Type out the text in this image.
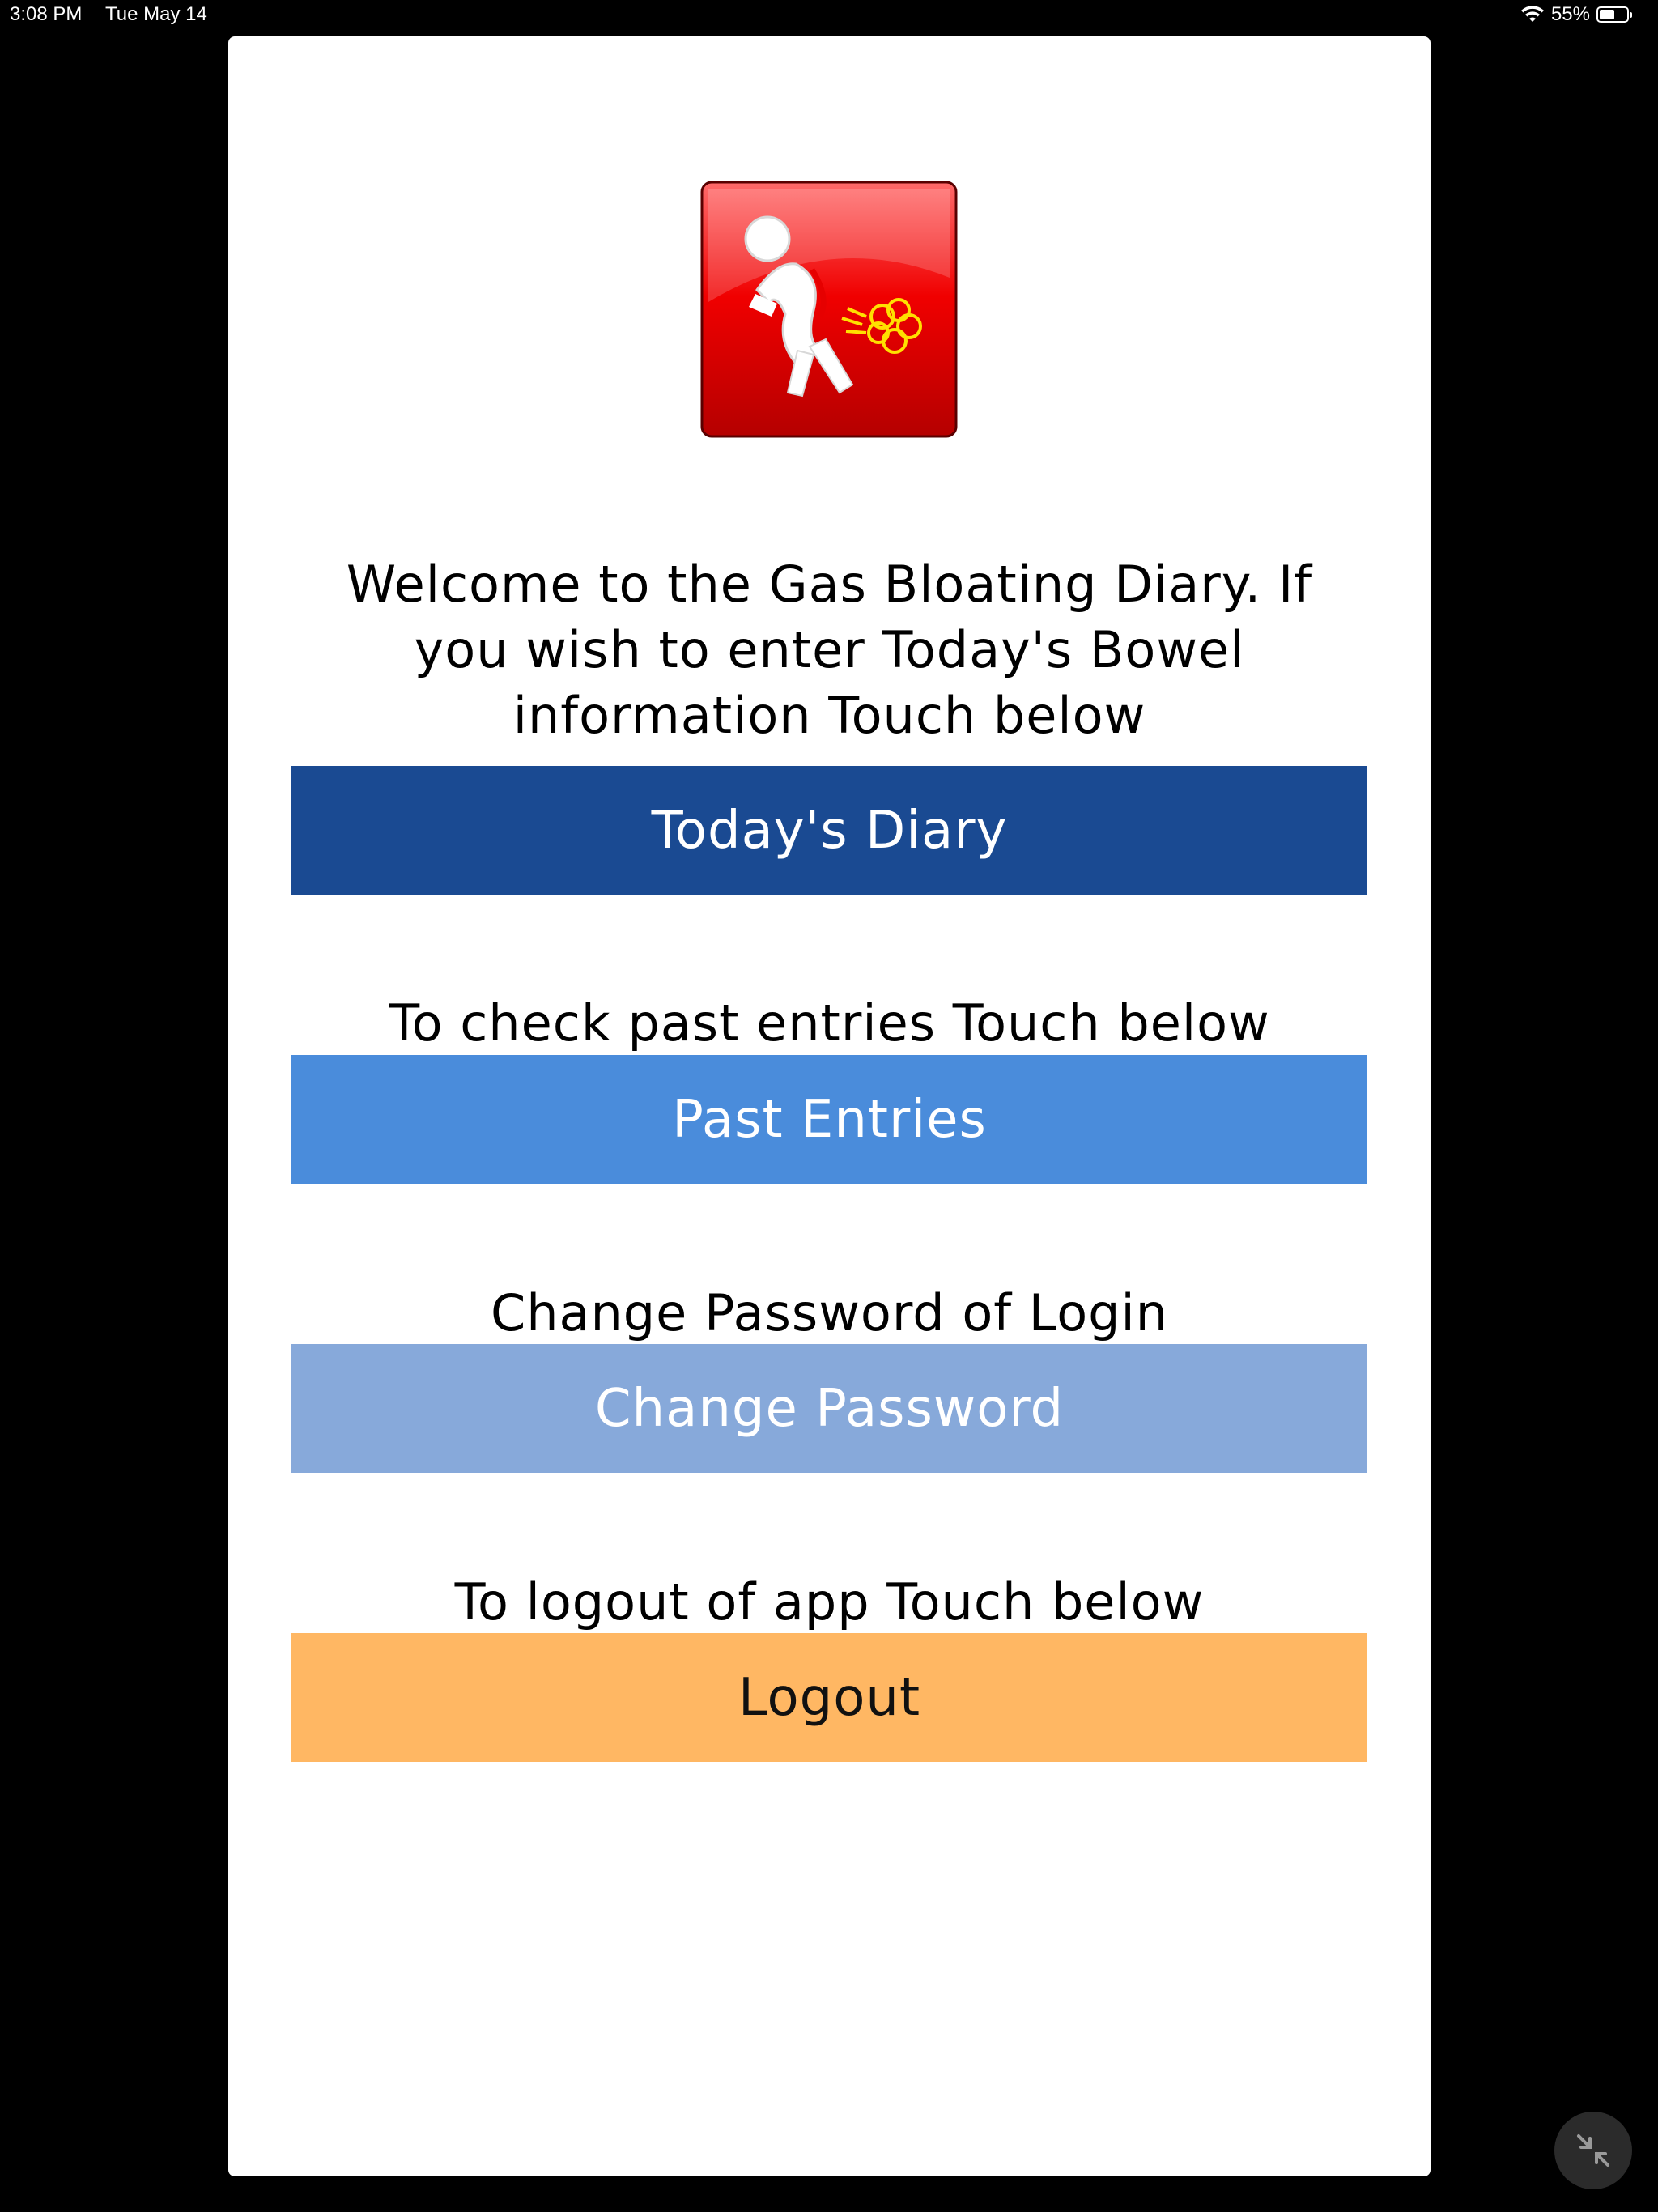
3:08 PM Tue May 14	55%
Welcome to the Gas Bloating Diary. If you wish to enter Today's Bowel information Touch below
Today's Diary
To check past entries Touch below
Past Entries
Change Password of Login
Change Password
To logout of app Touch below
Logout
